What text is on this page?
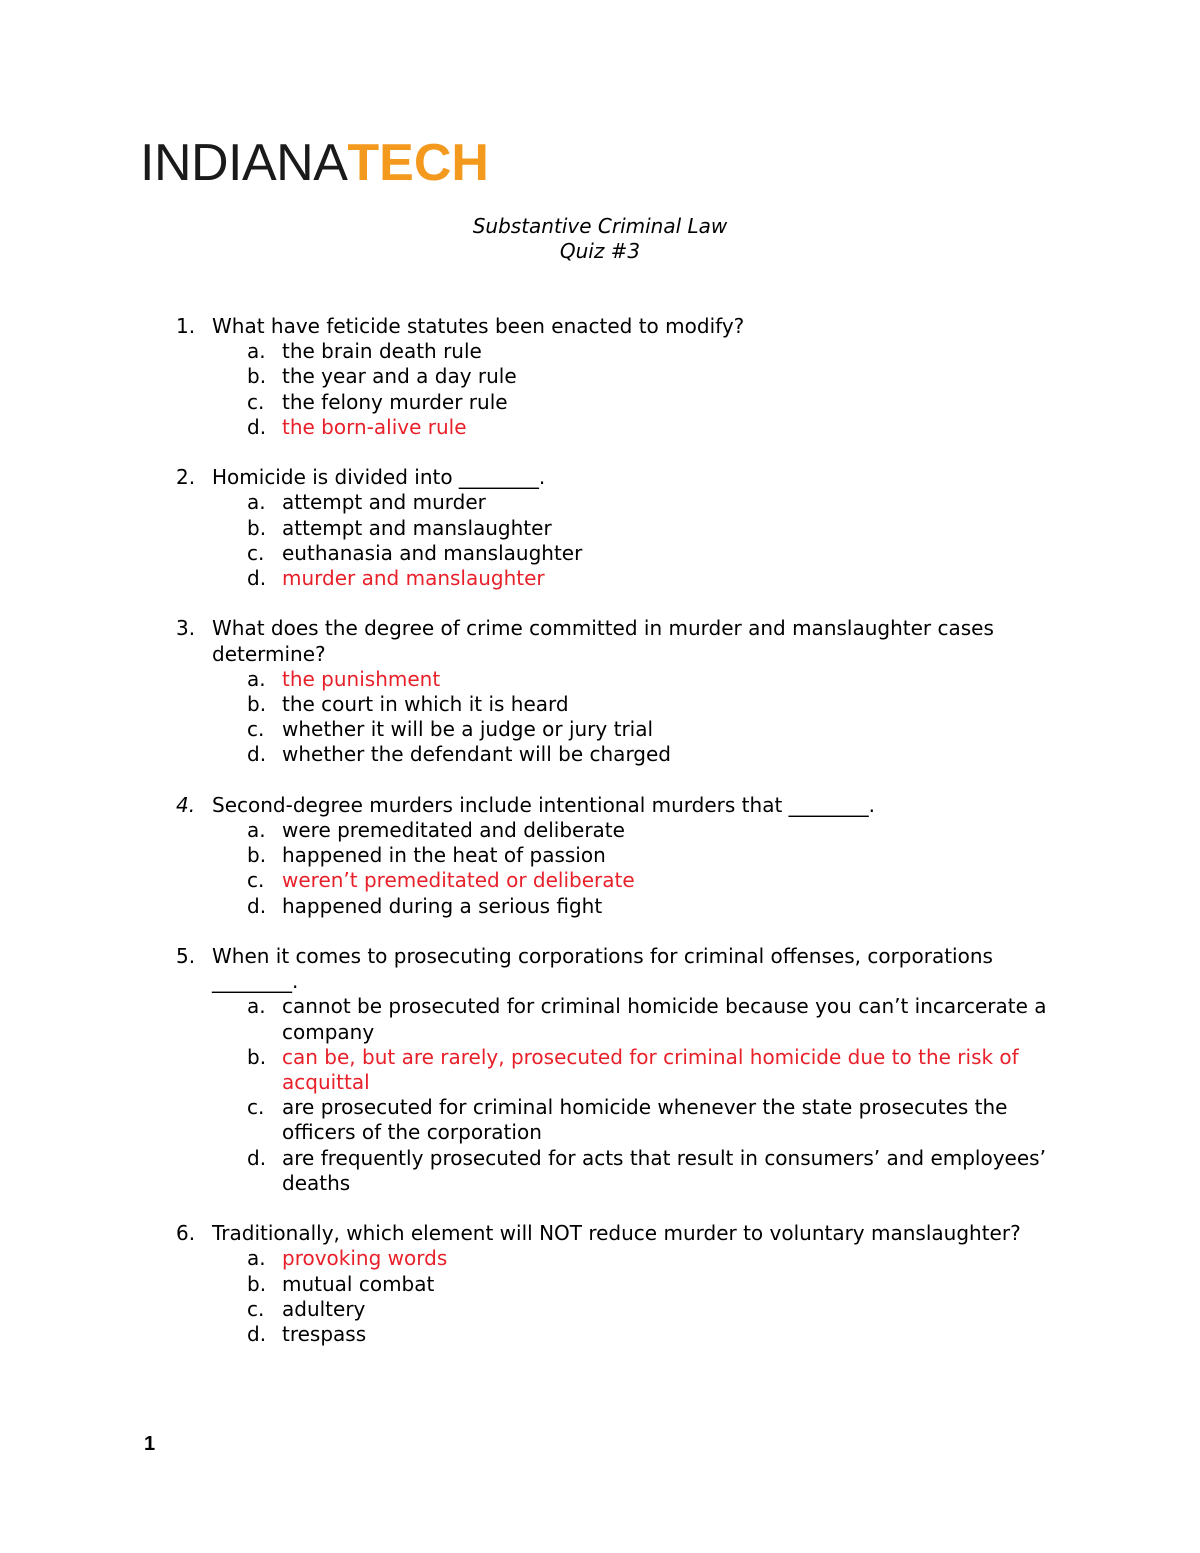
INDIANATECH
Substantive Criminal Law
Quiz #3
1. What have feticide statutes been enacted to modify?
a. the brain death rule
b. the year and a day rule
c. the felony murder rule
d. the born-alive rule
2. Homicide is divided into ________.
a. attempt and murder
b. attempt and manslaughter
c. euthanasia and manslaughter
d. murder and manslaughter
3. What does the degree of crime committed in murder and manslaughter cases determine?
a. the punishment
b. the court in which it is heard
c. whether it will be a judge or jury trial
d. whether the defendant will be charged
4. Second-degree murders include intentional murders that ________.
a. were premeditated and deliberate
b. happened in the heat of passion
c. weren’t premeditated or deliberate
d. happened during a serious fight
5. When it comes to prosecuting corporations for criminal offenses, corporations ________.
a. cannot be prosecuted for criminal homicide because you can’t incarcerate a company
b. can be, but are rarely, prosecuted for criminal homicide due to the risk of acquittal
c. are prosecuted for criminal homicide whenever the state prosecutes the officers of the corporation
d. are frequently prosecuted for acts that result in consumers’ and employees’ deaths
6. Traditionally, which element will NOT reduce murder to voluntary manslaughter?
a. provoking words
b. mutual combat
c. adultery
d. trespass
1
